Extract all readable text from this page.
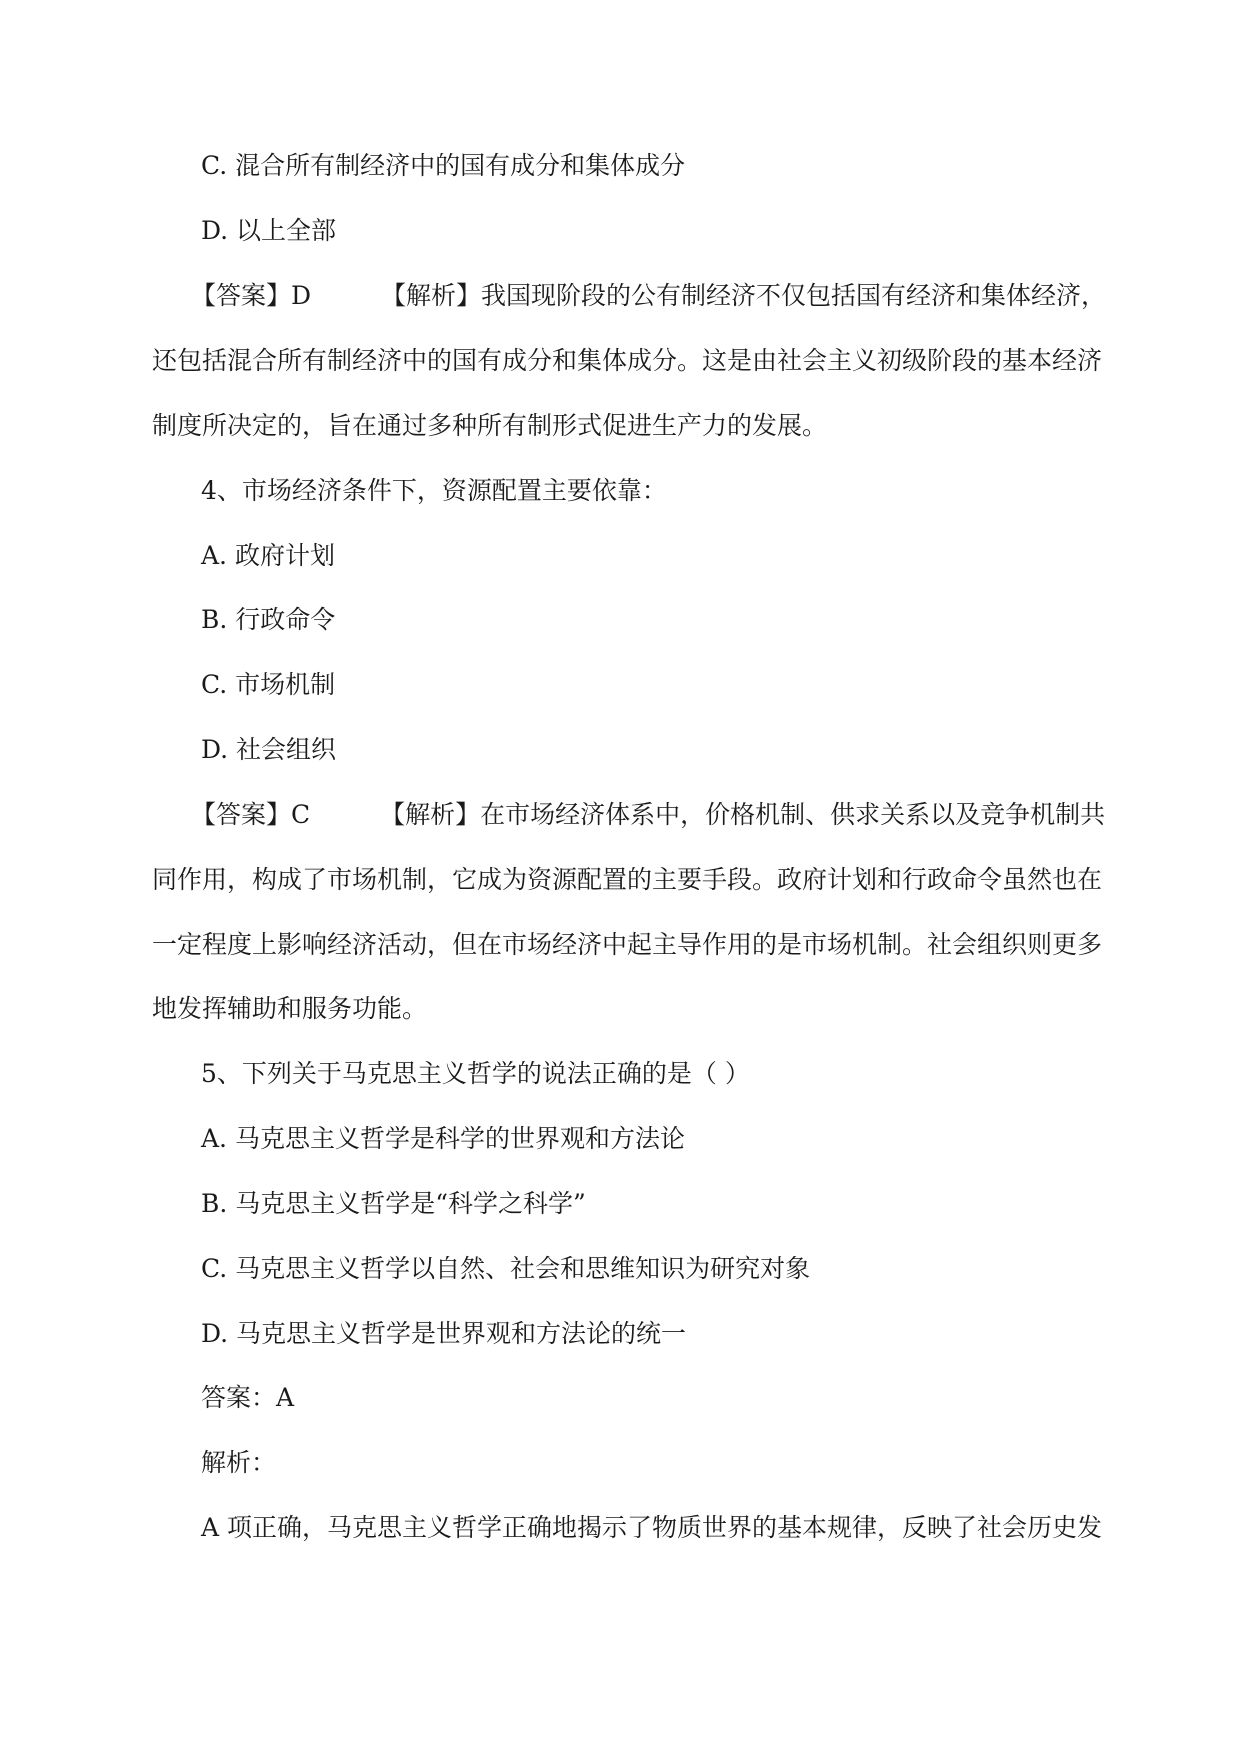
C. 混合所有制经济中的国有成分和集体成分
D. 以上全部
【答案】D	【解析】我国现阶段的公有制经济不仅包括国有经济和集体经济，
还包括混合所有制经济中的国有成分和集体成分。这是由社会主义初级阶段的基本经济
制度所决定的，旨在通过多种所有制形式促进生产力的发展。
4、市场经济条件下，资源配置主要依靠：
A. 政府计划
B. 行政命令
C. 市场机制
D. 社会组织
【答案】C	【解析】在市场经济体系中，价格机制、供求关系以及竞争机制共
同作用，构成了市场机制，它成为资源配置的主要手段。政府计划和行政命令虽然也在
一定程度上影响经济活动，但在市场经济中起主导作用的是市场机制。社会组织则更多
地发挥辅助和服务功能。
5、下列关于马克思主义哲学的说法正确的是（ ）
A. 马克思主义哲学是科学的世界观和方法论
B. 马克思主义哲学是“科学之科学”
C. 马克思主义哲学以自然、社会和思维知识为研究对象
D. 马克思主义哲学是世界观和方法论的统一
答案：A
解析：
A 项正确，马克思主义哲学正确地揭示了物质世界的基本规律，反映了社会历史发
